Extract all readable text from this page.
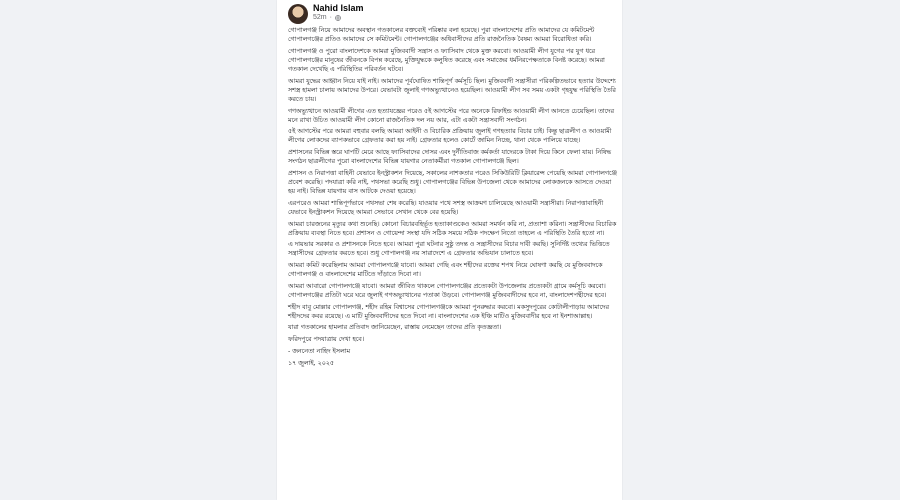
Nahid Islam
52m ·

গোপালগঞ্জ নিয়ে আমাদের অবস্থান গতকালের বক্তব্যেই পরিষ্কার বলা হয়েছে। পুরা বাংলাদেশের প্রতি আমাদের যে কমিটমেন্ট গোপালগঞ্জের প্রতিও আমাদের সে কমিটমেন্ট। গোপালগঞ্জের অধিবাসীদের প্রতি রাজনৈতিক বৈষম্য আমরা বিরোধিতা করি।

গোপালগঞ্জ ও পুরো বাংলাদেশকে আমরা মুজিববাদী সন্ত্রাস ও ফ্যাসিবাদ থেকে মুক্ত করবো। আওয়ামী লীগ যুগের পর যুগ ধরে গোপালগঞ্জের মানুষের জীবনকে বিপন্ন করেছে, মুক্তিযুদ্ধকে কলুষিত করেছে এবং সমাজের ধর্মনিরপেক্ষতাকে বিনষ্ট করেছে। আমরা গতকাল দেখেছি এ পরিস্থিতির পরিবর্তন ঘটবে।

আমরা যুদ্ধের আহ্বান নিয়ে যাই নাই। আমাদের পূর্বঘোষিত শান্তিপূর্ণ কর্মসূচি ছিল। মুজিববাদী সন্ত্রাসীরা পরিকল্পিতভাবে হত্যার উদ্দেশ্যে সশস্ত্র হামলা চালায় আমাদের উপরে। যেভাবটা জুলাই গণঅভ্যুত্থানেও হয়েছিল। আওয়ামী লীগ সব সময় একটা গৃহযুদ্ধ পরিস্থিতি তৈরি করতে চায়।

গণঅভ্যুত্থানে আওয়ামী লীগের এত হত্যাযজ্ঞের পরেও ৫ই আগস্টের পরে অনেকে রিফাইন্ড আওয়ামী লীগ আনতে চেয়েছিল। তাদের মনে রাখা উচিত আওয়ামী লীগ কোনো রাজনৈতিক দল নয় আর, এটা একটা সন্ত্রাসবাদী সংগঠন।

৫ই আগস্টের পরে আমরা বহুবার বলছি আমরা আইনী ও বিচারিক প্রক্রিয়ায় জুলাই গণহত্যার বিচার চাই। কিন্তু ছাত্রলীগ ও আওয়ামী লীগের লোকদের ব্যাপকভাবে গ্রেফতার করা হয় নাই। গ্রেফতার হলেও কোর্টে জামিন নিচ্ছে, থানা থেকে পালিয়ে যাচ্ছে।

প্রশাসনের বিভিন্ন স্তরে ঘাপটি মেরে আছে ফ্যাসিবাদের দোসর এবং দুর্নীতিবাজ কর্মকর্তা যাদেরকে টাকা দিয়ে কিনে ফেলা যায়। নিষিদ্ধ সংগঠন ছাত্রলীগের পুরো বাংলাদেশের বিভিন্ন যায়গার নেতাকর্মীরা গতকাল গোপালগঞ্জে ছিল।

প্রশাসন ও নিরাপত্তা বাহিনী যেভাবে ইনস্ট্রাকশন দিয়েছে, সকালের নাশকতার পরেও সিকিউরিটি ক্লিয়ারেন্স পেয়েছি আমরা গোপালগঞ্জে প্রবেশ করেছি। পদযাত্রা করি নাই, পথসভা করেছি শুধু। গোপালগঞ্জের বিভিন্ন উপজেলা থেকে আমাদের লোকজনকে আসতে দেওয়া হয় নাই। বিভিন্ন যায়গায় বাস আটকে দেওয়া হয়েছে।

এরপরেও আমরা শান্তিপূর্ণভাবে পথসভা শেষ করেছি। যাওয়ার পথে সশস্ত্র আক্রমণ চালিয়েছে আওয়ামী সন্ত্রাসীরা। নিরাপত্তাবাহিনী যেভাবে ইনস্ট্রাকশন দিয়েছে আমরা সেভাবে সেখান থেকে বের হয়েছি।

আমরা চারজনের মৃত্যুর কথা শুনেছি। কোনো বিচারবহির্ভূত হত্যাকাণ্ডকেও আমরা সমর্থন করি না, প্রত্যাশা করিনা। সন্ত্রাসীদের বিচারিক প্রক্রিয়ায় ব্যবস্থা নিতে হবে। প্রশাসন ও গোয়েন্দা সংস্থা যদি সঠিক সময়ে সঠিক পদক্ষেপ নিতো তাহলে এ পরিস্থিতি তৈরি হতো না।

এ দায়ভার সরকার ও প্রশাসনকে নিতে হবে। আমরা পুরা ঘটনার সুষ্ঠু তদন্ত ও সন্ত্রাসীদের বিচার দাবী করছি। সুনির্দিষ্ট তথ্যের ভিত্তিতে সন্ত্রাসীদের গ্রেফতার করতে হবে। শুধু গোপালগঞ্জ নয় সারাদেশে এ গ্রেফতার অভিযান চালাতে হবে।

আমরা কমিট করেছিলাম আমরা গোপালগঞ্জে যাবো। আমরা গেছি এবং শহীদের রক্তের শপথ নিয়ে ঘোষণা করছি যে মুজিববাদকে গোপালগঞ্জ ও বাংলাদেশের মাটিতে দাঁড়াতে দিবো না।

আমরা আবারো গোপালগঞ্জে যাবো। আমরা জীবিত থাকলে গোপালগঞ্জের প্রত্যেকটা উপজেলায় প্রত্যেকটা গ্রামে কর্মসূচি করবো। গোপালগঞ্জের প্রতিটা ঘরে ঘরে জুলাই গণঅভ্যুত্থানের পতাকা উড়বে। গোপালগঞ্জ মুজিববাদীদের হবে না, বাংলাদেশপন্থীদের হবে।

শহীদ বাবু মোল্লার গোপালগঞ্জ, শহীদ রহিম বিশ্বাসের গোপালগঞ্জকে আমরা পুনরুদ্ধার করবো। মকসুদপুরের কোটালীপাড়ায় আমাদের শহীদদের কবর রয়েছে। এ মাটি মুজিববাদীদের হতে দিবো না। বাংলাদেশের এক ইঞ্চি মাটিও মুজিববাদীর হবে না ইনশাআল্লাহ।

যারা গতকালের হামলার প্রতিবাদ জানিয়েছেন, রাস্তায় নেমেছেন তাদের প্রতি কৃতজ্ঞতা।

ফরিদপুরে পদযাত্রায় দেখা হবে।

- জননেতা নাহিদ ইসলাম

১৭ জুলাই, ২০২৫
